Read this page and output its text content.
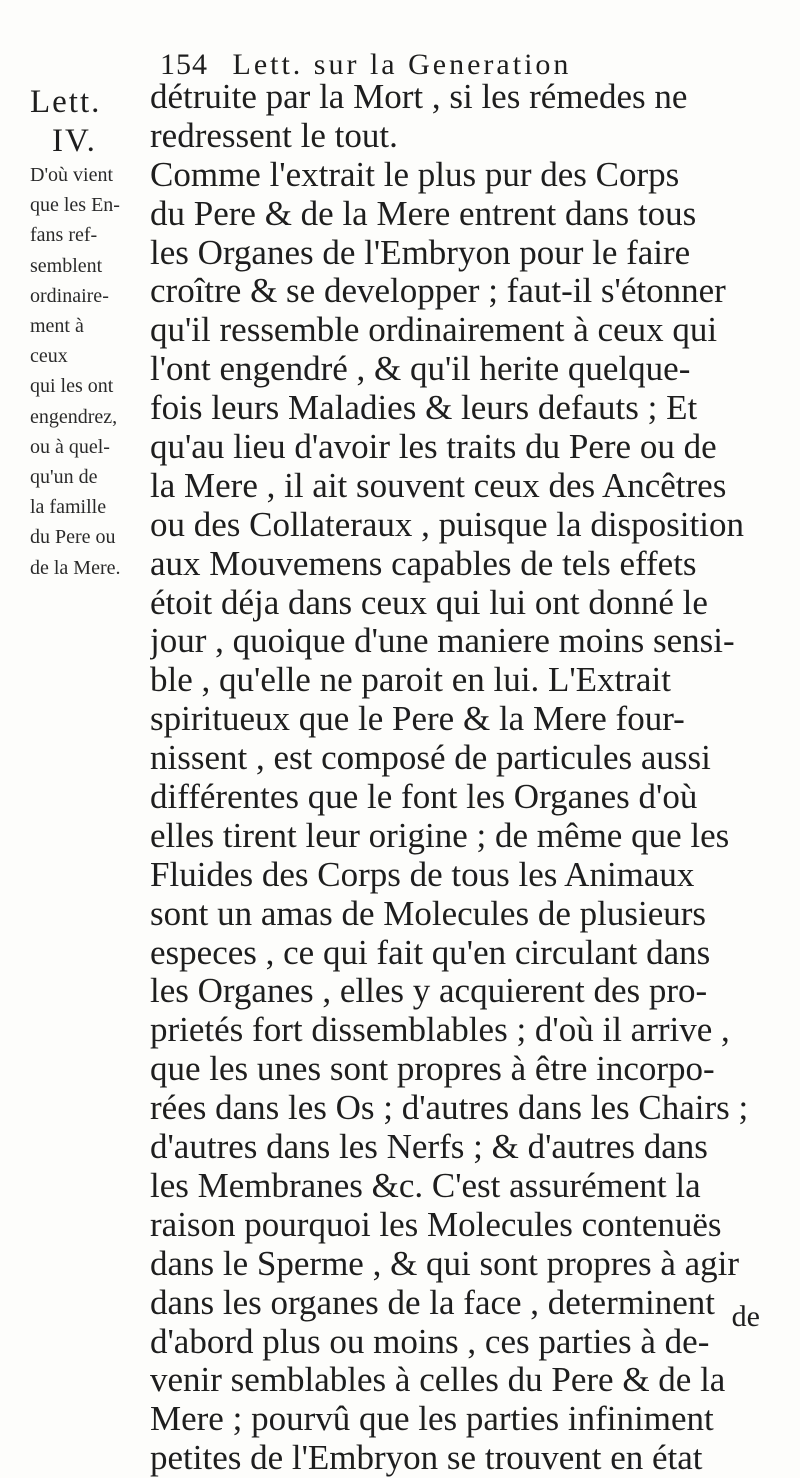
154 Lett. sur la Generation
Lett.
IV.
D'où vient
que les En-
fans ref-
semblent
ordinaire-
ment à
ceux
qui les ont
engendrez,
ou à quel-
qu'un de
la famille
du Pere ou
de la Mere.
détruite par la Mort , si les rémedes ne
redressent le tout.
Comme l'extrait le plus pur des Corps
du Pere & de la Mere entrent dans tous
les Organes de l'Embryon pour le faire
croître & se developper ; faut-il s'étonner
qu'il ressemble ordinairement à ceux qui
l'ont engendré , & qu'il herite quelque-
fois leurs Maladies & leurs defauts ; Et
qu'au lieu d'avoir les traits du Pere ou de
la Mere , il ait souvent ceux des Ancêtres
ou des Collateraux , puisque la disposition
aux Mouvemens capables de tels effets
étoit déja dans ceux qui lui ont donné le
jour , quoique d'une maniere moins sensi-
ble , qu'elle ne paroit en lui. L'Extrait
spiritueux que le Pere & la Mere four-
nissent , est composé de particules aussi
différentes que le font les Organes d'où
elles tirent leur origine ; de même que les
Fluides des Corps de tous les Animaux
sont un amas de Molecules de plusieurs
especes , ce qui fait qu'en circulant dans
les Organes , elles y acquierent des pro-
prietés fort dissemblables ; d'où il arrive ,
que les unes sont propres à être incorpo-
rées dans les Os ; d'autres dans les Chairs ;
d'autres dans les Nerfs ; & d'autres dans
les Membranes &c. C'est assurément la
raison pourquoi les Molecules contenuës
dans le Sperme , & qui sont propres à agir
dans les organes de la face , determinent
d'abord plus ou moins , ces parties à de-
venir semblables à celles du Pere & de la
Mere ; pourvû que les parties infiniment
petites de l'Embryon se trouvent en état
de
